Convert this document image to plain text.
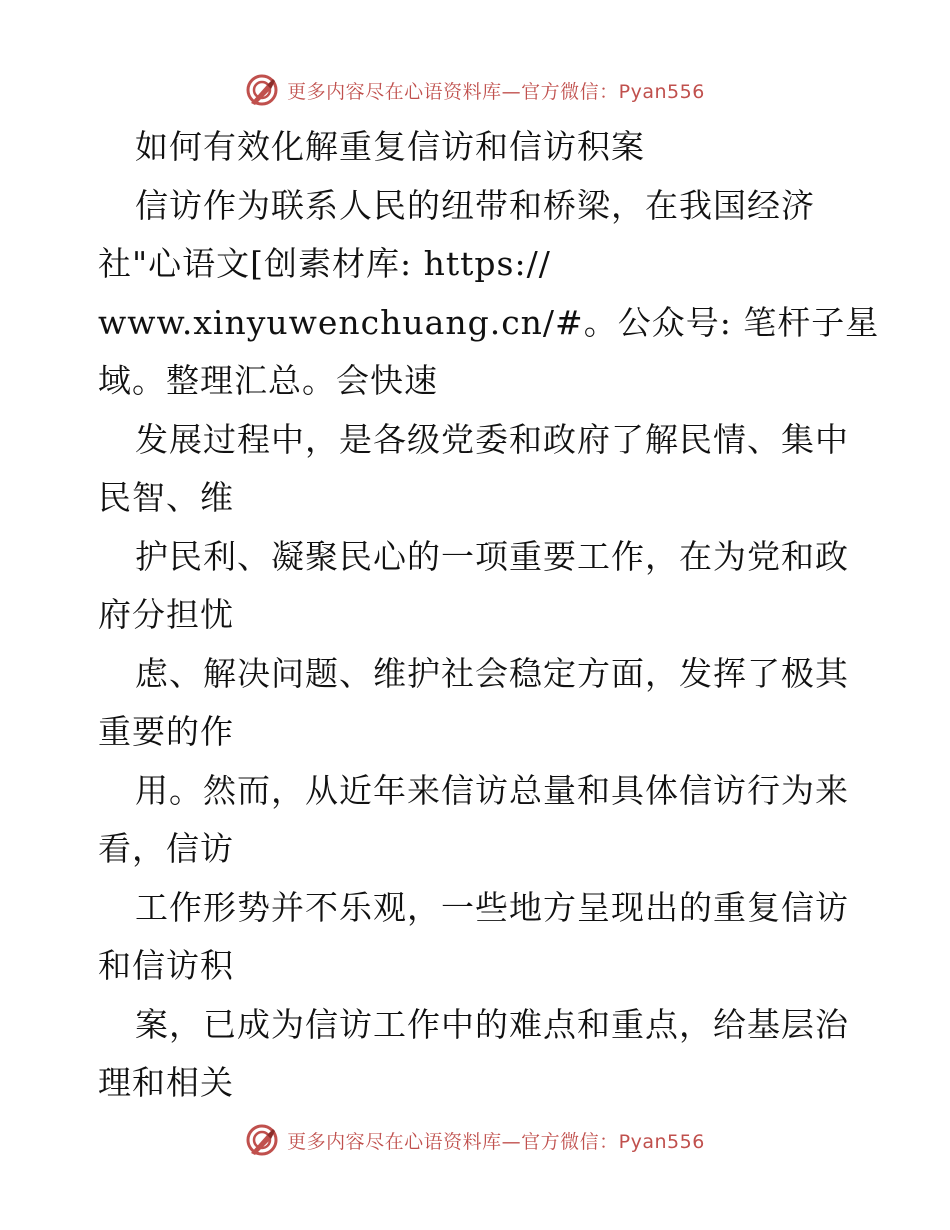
更多内容尽在心语资料库—官方微信：Pyan556
如何有效化解重复信访和信访积案
信访作为联系人民的纽带和桥梁，在我国经济
社"心语文[创素材库: https://
www.xinyuwenchuang.cn/#。公众号: 笔杆子星
域。整理汇总。会快速
发展过程中，是各级党委和政府了解民情、集中
民智、维
护民利、凝聚民心的一项重要工作，在为党和政
府分担忧
虑、解决问题、维护社会稳定方面，发挥了极其
重要的作
用。然而，从近年来信访总量和具体信访行为来
看，信访
工作形势并不乐观，一些地方呈现出的重复信访
和信访积
案，已成为信访工作中的难点和重点，给基层治
理和相关
更多内容尽在心语资料库—官方微信：Pyan556
